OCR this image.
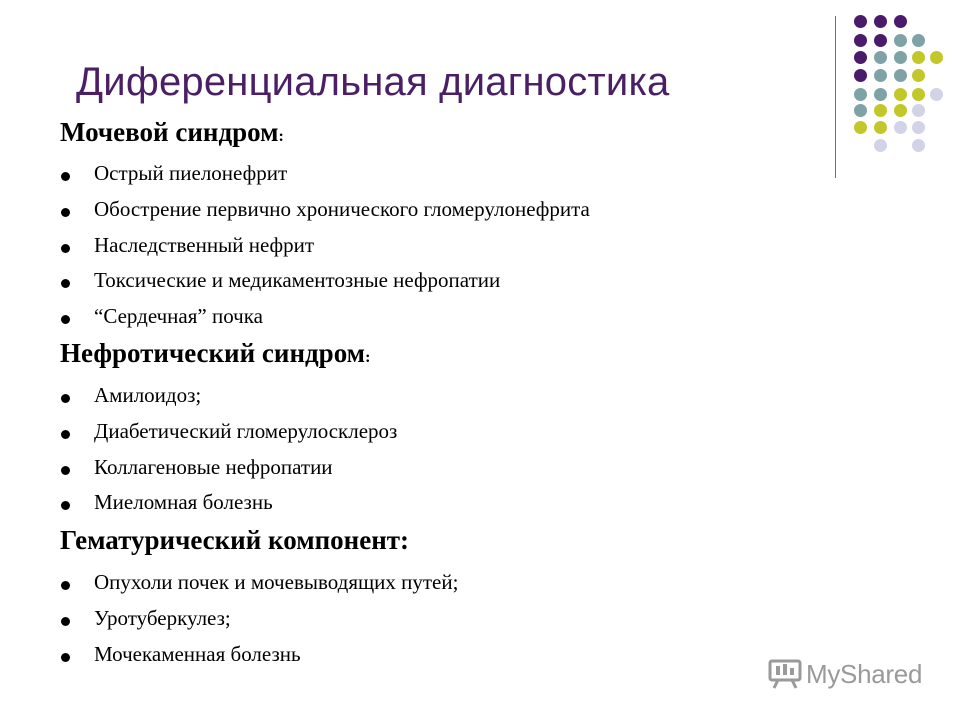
Диференциальная диагностика
Мочевой синдром:
Острый пиелонефрит
Обострение первично хронического гломерулонефрита
Наследственный нефрит
Токсические и медикаментозные нефропатии
“Сердечная” почка
Нефротический синдром:
Амилоидоз;
Диабетический гломерулосклероз
Коллагеновые нефропатии
Миеломная болезнь
Гематурический компонент:
Опухоли почек и мочевыводящих путей;
Уротуберкулез;
Мочекаменная болезнь
MyShared
